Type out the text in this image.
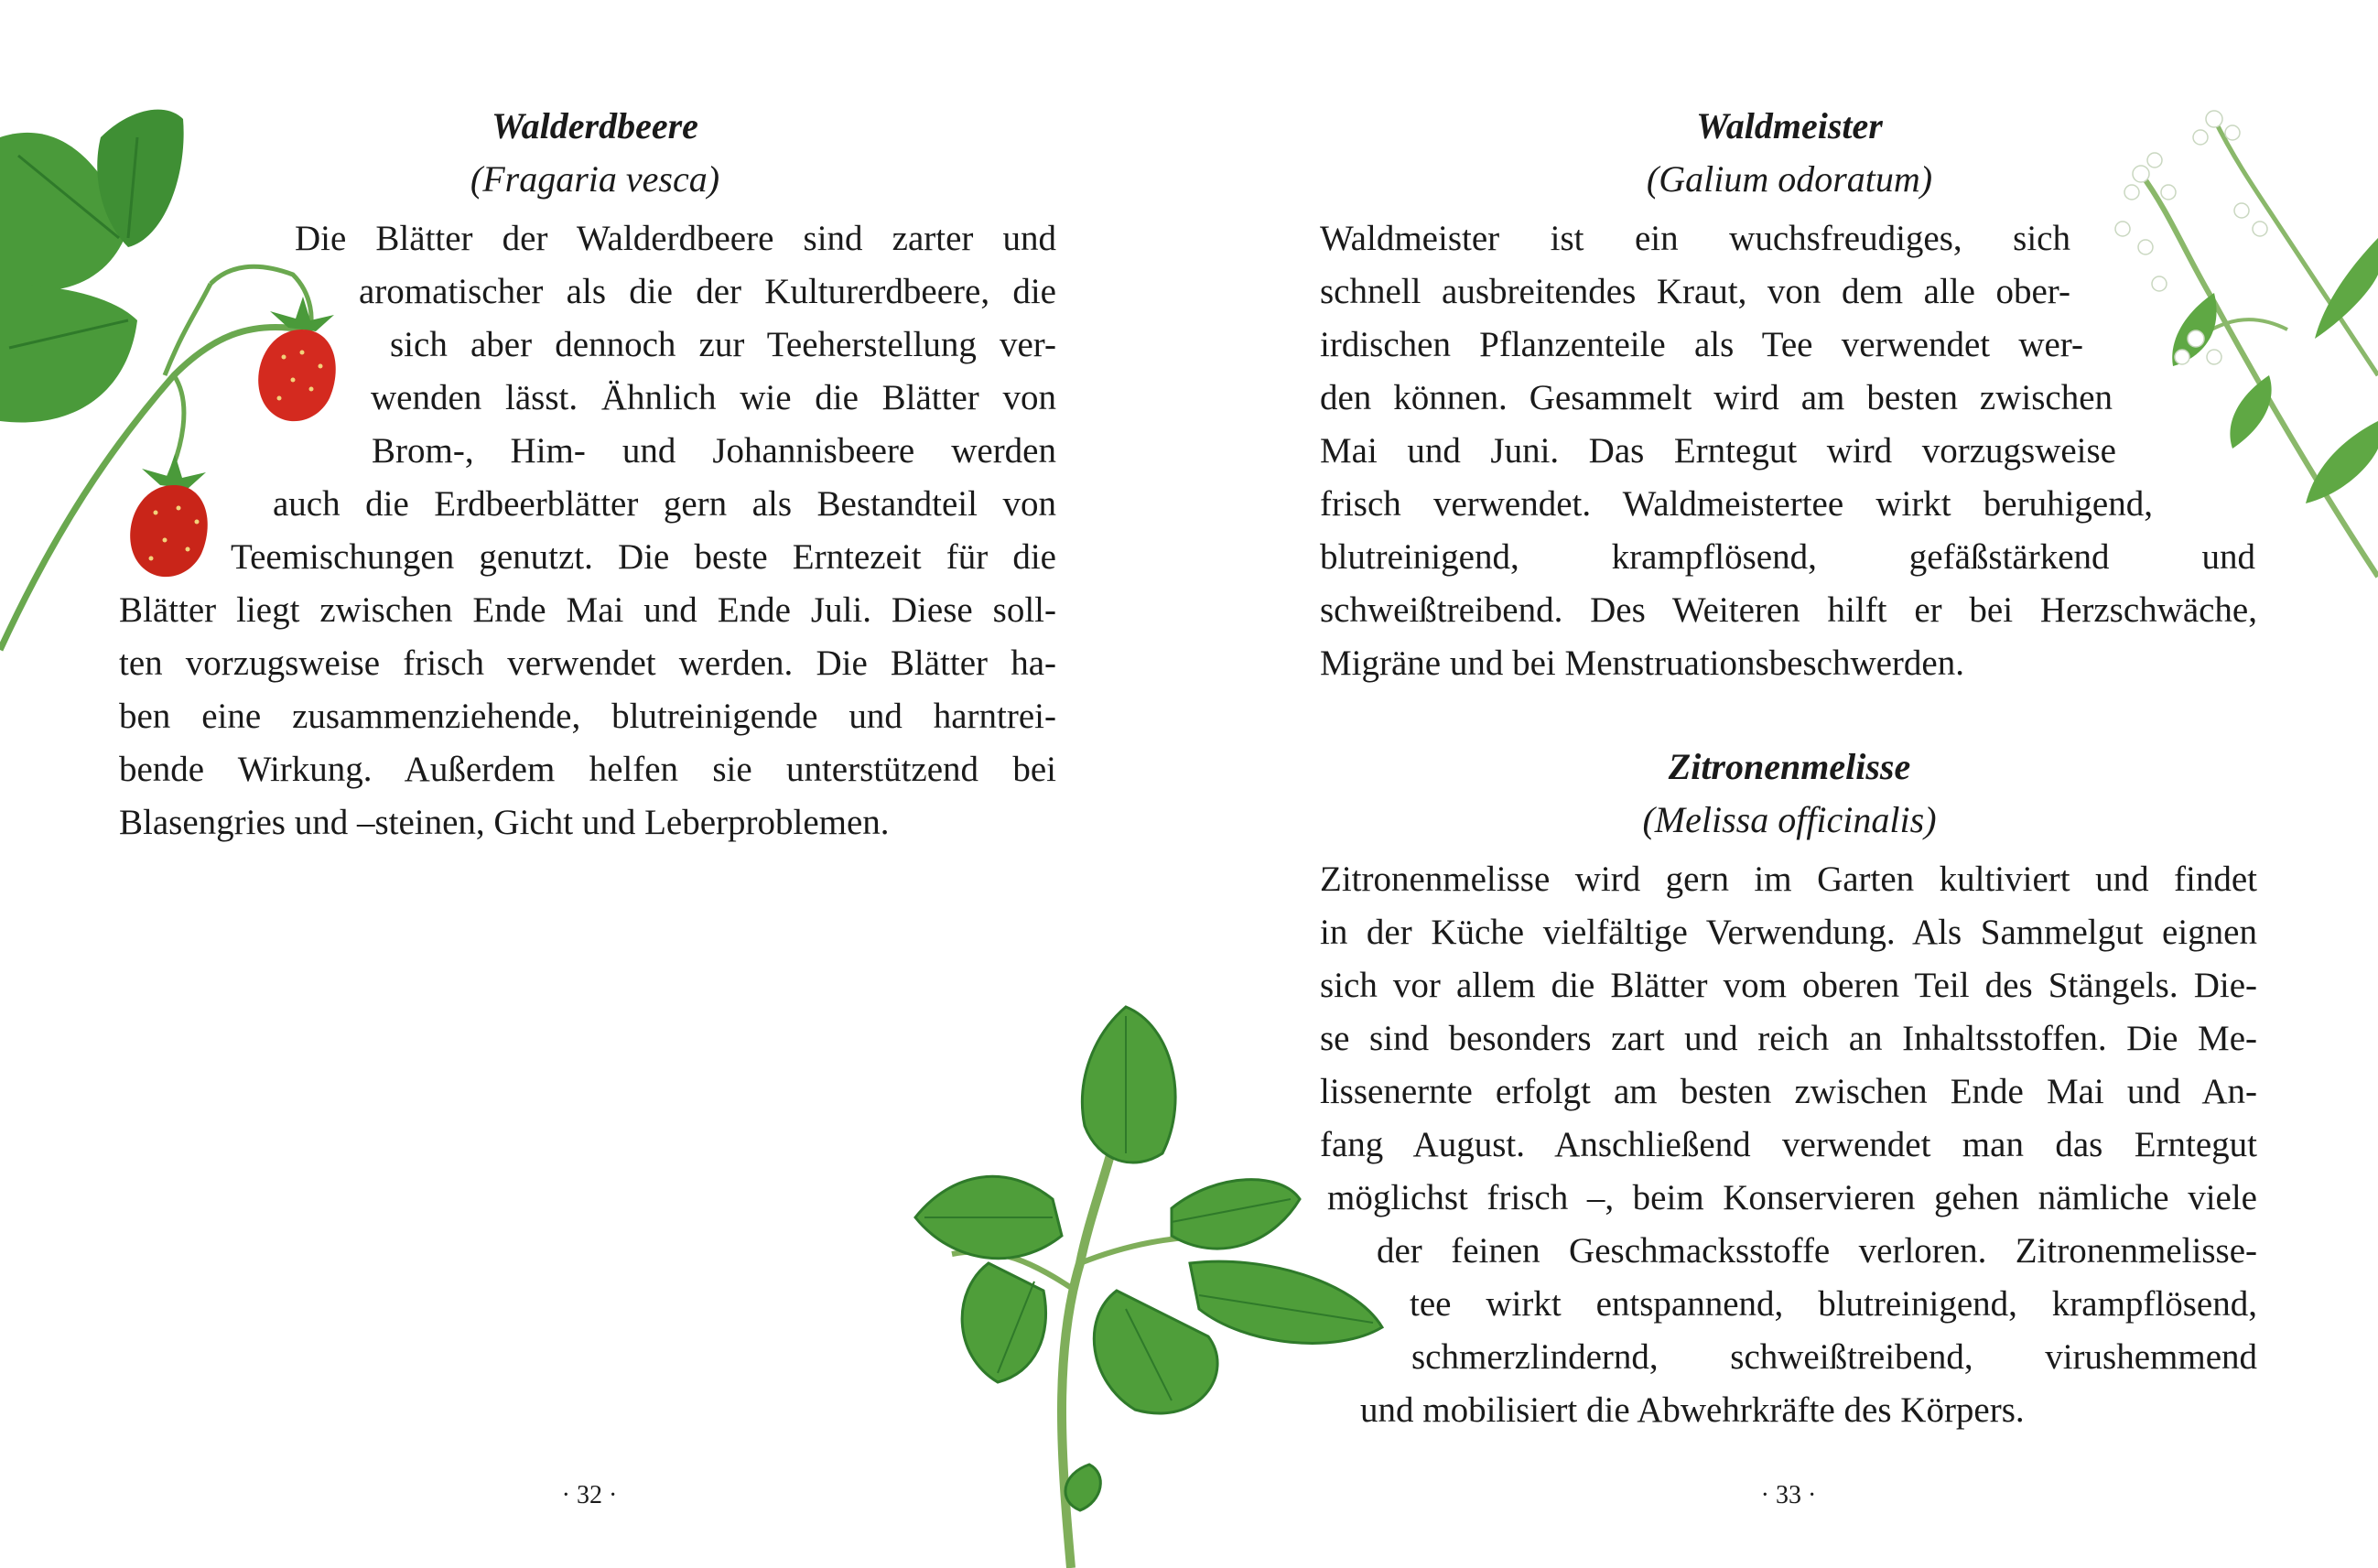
Walderdbeere
(Fragaria vesca)
Die Blätter der Walderdbeere sind zarter und
aromatischer als die der Kulturerdbeere, die
sich aber dennoch zur Teeherstellung ver-
wenden lässt. Ähnlich wie die Blätter von
Brom-, Him- und Johannisbeere werden
auch die Erdbeerblätter gern als Bestandteil von
Teemischungen genutzt. Die beste Erntezeit für die
Blätter liegt zwischen Ende Mai und Ende Juli. Diese soll-
ten vorzugsweise frisch verwendet werden. Die Blätter ha-
ben eine zusammenziehende, blutreinigende und harntrei-
bende Wirkung. Außerdem helfen sie unterstützend bei
Blasengries und –steinen, Gicht und Leberproblemen.
· 32 ·
Waldmeister
(Galium odoratum)
Waldmeister ist ein wuchsfreudiges, sich
schnell ausbreitendes Kraut, von dem alle ober-
irdischen Pflanzenteile als Tee verwendet wer-
den können. Gesammelt wird am besten zwischen
Mai und Juni. Das Erntegut wird vorzugsweise
frisch verwendet. Waldmeistertee wirkt beruhigend,
blutreinigend, krampflösend, gefäßstärkend und
schweißtreibend. Des Weiteren hilft er bei Herzschwäche,
Migräne und bei Menstruationsbeschwerden.
Zitronenmelisse
(Melissa officinalis)
Zitronenmelisse wird gern im Garten kultiviert und findet
in der Küche vielfältige Verwendung. Als Sammelgut eignen
sich vor allem die Blätter vom oberen Teil des Stängels. Die-
se sind besonders zart und reich an Inhaltsstoffen. Die Me-
lissenernte erfolgt am besten zwischen Ende Mai und An-
fang August. Anschließend verwendet man das Erntegut
möglichst frisch –, beim Konservieren gehen nämliche viele
der feinen Geschmacksstoffe verloren. Zitronenmelisse-
tee wirkt entspannend, blutreinigend, krampflösend,
schmerzlindernd, schweißtreibend, virushemmend
und mobilisiert die Abwehrkräfte des Körpers.
· 33 ·
